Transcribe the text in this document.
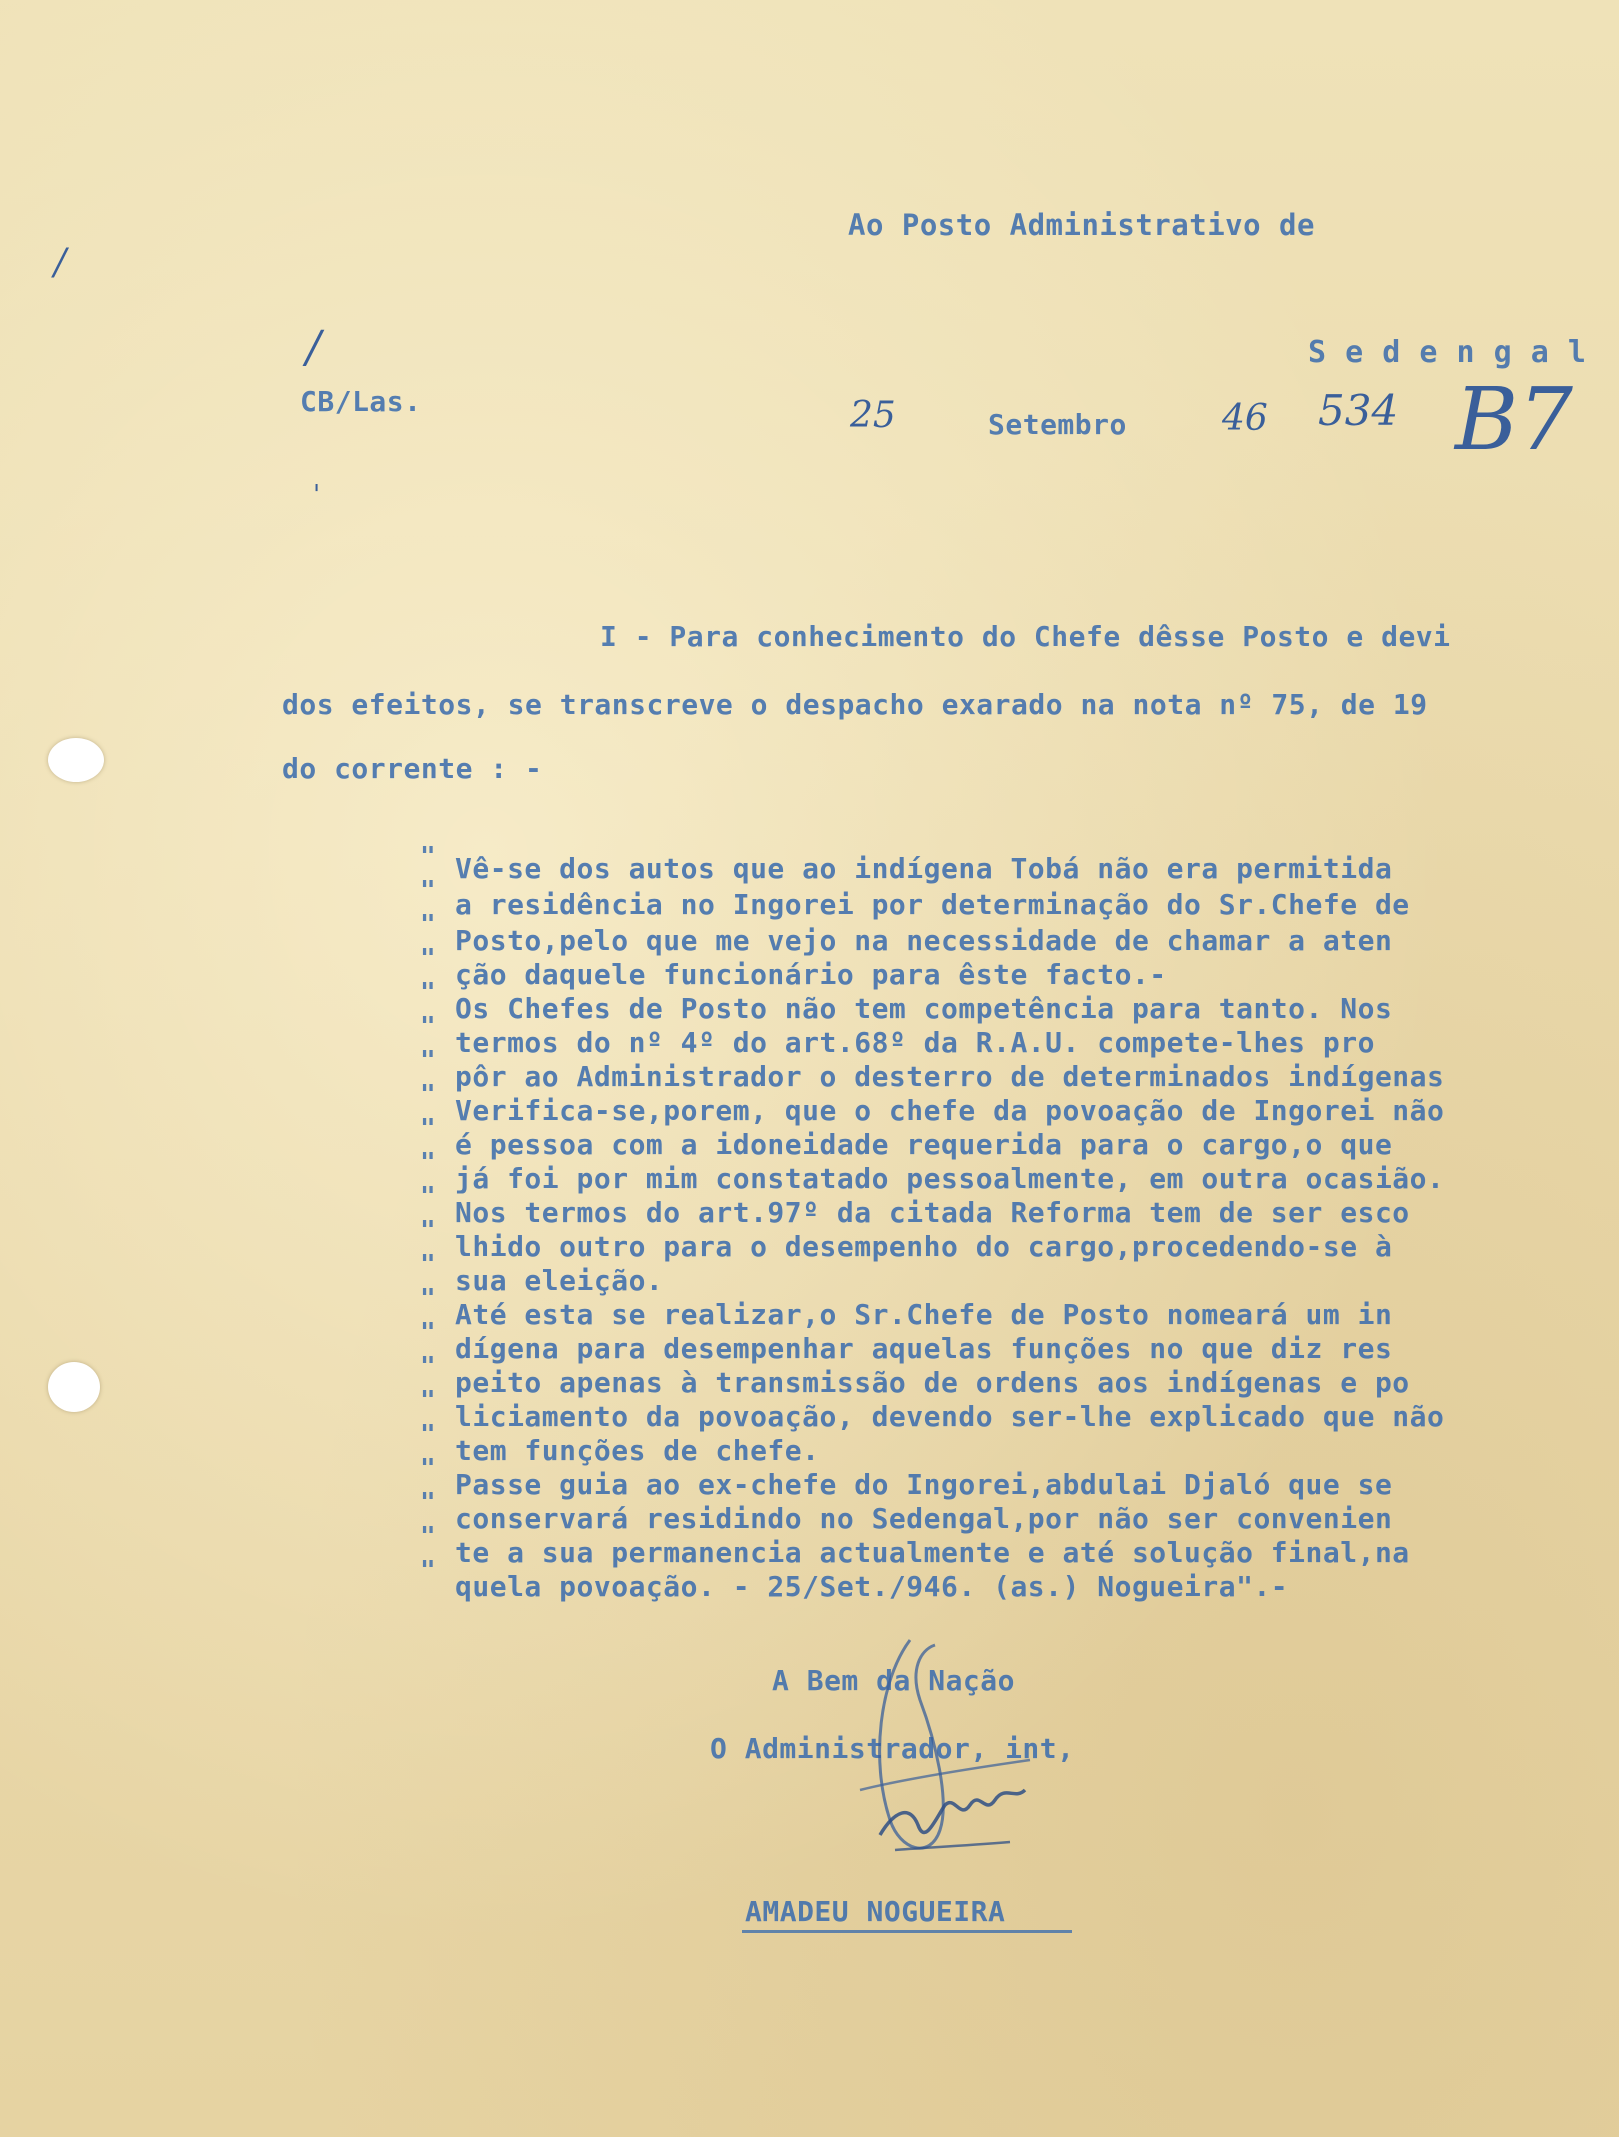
Ao Posto Administrativo de
S e d e n g a l
CB/Las.
/
25	Setembro	46 534 B7
I - Para conhecimento do Chefe dêsse Posto e devi
dos efeitos, se transcreve o despacho exarado na nota nº 75, de 19
do corrente : -
Vê-se dos autos que ao indígena Tobá não era permitida
a residência no Ingorei por determinação do Sr.Chefe de
Posto,pelo que me vejo na necessidade de chamar a aten
ção daquele funcionário para êste facto.-
Os Chefes de Posto não tem competência para tanto. Nos
termos do nº 4º do art.68º da R.A.U. compete-lhes pro
pôr ao Administrador o desterro de determinados indígenas
Verifica-se,porem, que o chefe da povoação de Ingorei não
é pessoa com a idoneidade requerida para o cargo,o que
já foi por mim constatado pessoalmente, em outra ocasião.
Nos termos do art.97º da citada Reforma tem de ser esco
lhido outro para o desempenho do cargo,procedendo-se à
sua eleição.
Até esta se realizar,o Sr.Chefe de Posto nomeará um in
dígena para desempenhar aquelas funções no que diz res
peito apenas à transmissão de ordens aos indígenas e po
liciamento da povoação, devendo ser-lhe explicado que não
tem funções de chefe.
Passe guia ao ex-chefe do Ingorei,abdulai Djaló que se
conservará residindo no Sedengal,por não ser convenien
te a sua permanencia actualmente e até solução final,na
quela povoação. - 25/Set./946. (as.) Nogueira".-
"
"
"
"
"
"
"
"
"
"
"
"
"
"
"
"
"
"
"
"
"
"
A Bem da Nação
O Administrador, int,
AMADEU NOGUEIRA
/
'
